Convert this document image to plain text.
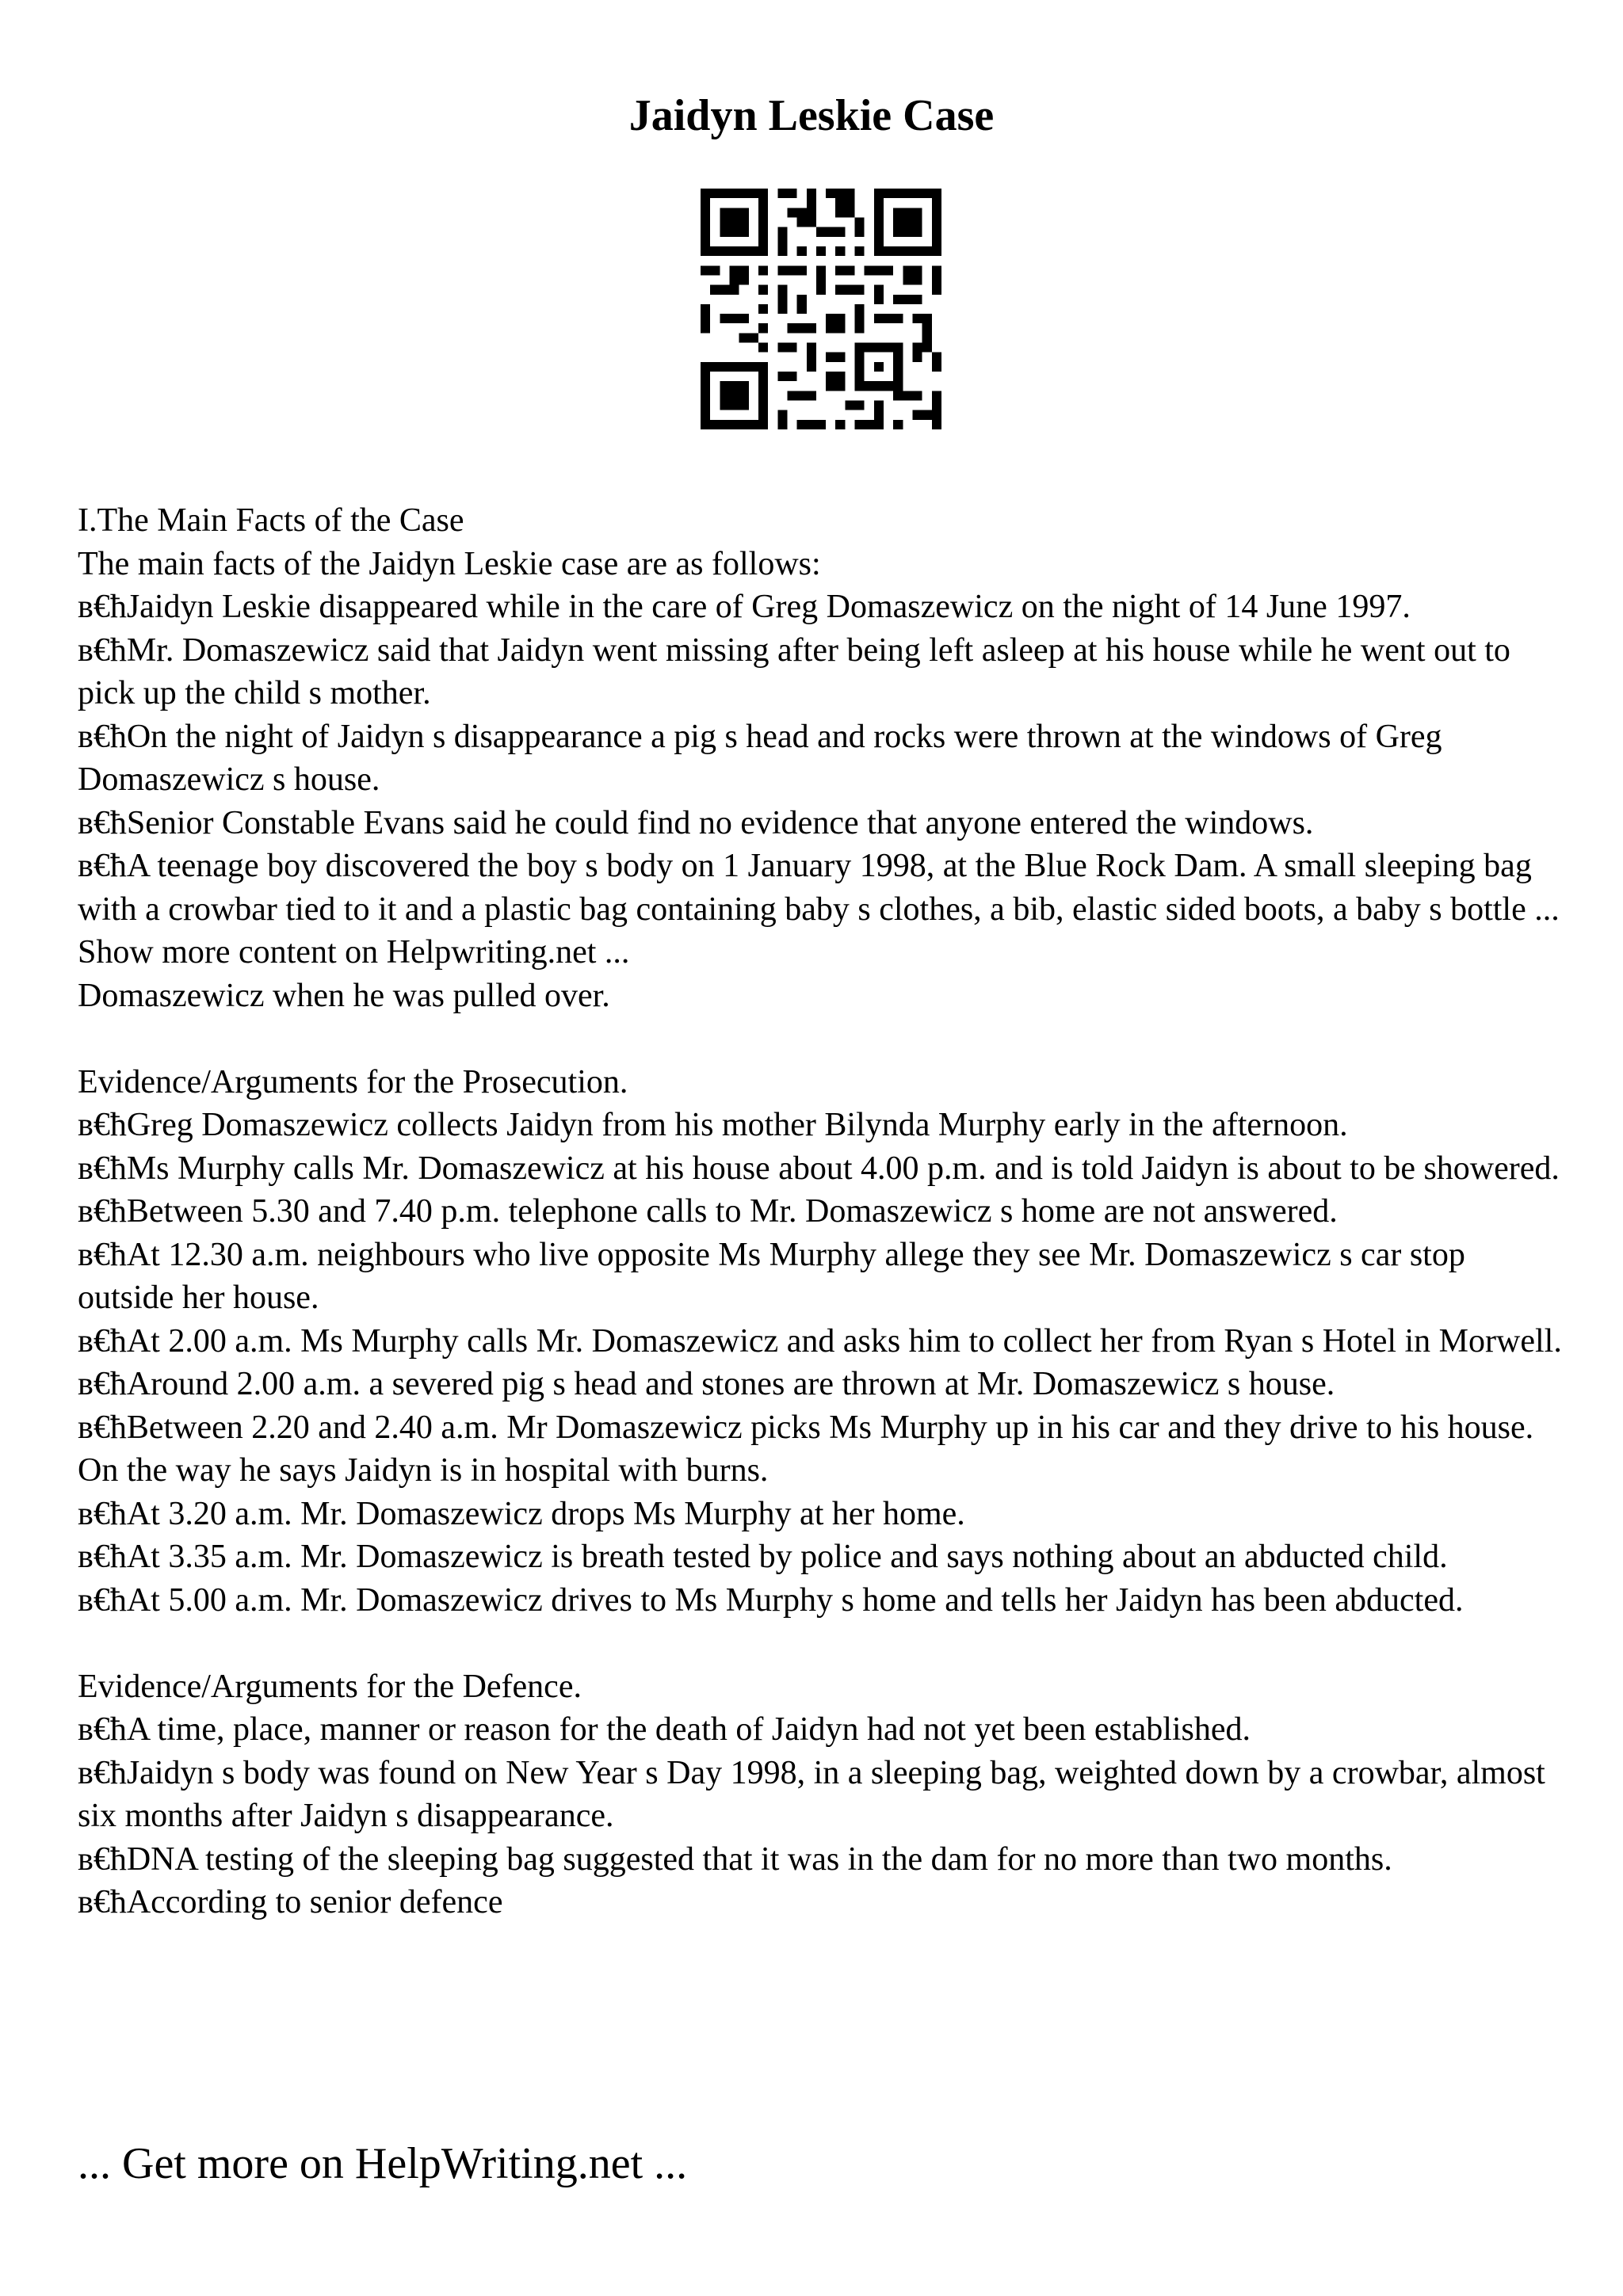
Jaidyn Leskie Case

I.The Main Facts of the Case

The main facts of the Jaidyn Leskie case are as follows:

в€ћJaidyn Leskie disappeared while in the care of Greg Domaszewicz on the night of 14 June 1997.

в€ћMr. Domaszewicz said that Jaidyn went missing after being left asleep at his house while he went out to pick up the child s mother.

в€ћOn the night of Jaidyn s disappearance a pig s head and rocks were thrown at the windows of Greg Domaszewicz s house.

в€ћSenior Constable Evans said he could find no evidence that anyone entered the windows.

в€ћA teenage boy discovered the boy s body on 1 January 1998, at the Blue Rock Dam. A small sleeping bag with a crowbar tied to it and a plastic bag containing baby s clothes, a bib, elastic sided boots, a baby s bottle ... Show more content on Helpwriting.net ...

Domaszewicz when he was pulled over.

Evidence/Arguments for the Prosecution.

в€ћGreg Domaszewicz collects Jaidyn from his mother Bilynda Murphy early in the afternoon.

в€ћMs Murphy calls Mr. Domaszewicz at his house about 4.00 p.m. and is told Jaidyn is about to be showered.

в€ћBetween 5.30 and 7.40 p.m. telephone calls to Mr. Domaszewicz s home are not answered.

в€ћAt 12.30 a.m. neighbours who live opposite Ms Murphy allege they see Mr. Domaszewicz s car stop outside her house.

в€ћAt 2.00 a.m. Ms Murphy calls Mr. Domaszewicz and asks him to collect her from Ryan s Hotel in Morwell.

в€ћAround 2.00 a.m. a severed pig s head and stones are thrown at Mr. Domaszewicz s house.

в€ћBetween 2.20 and 2.40 a.m. Mr Domaszewicz picks Ms Murphy up in his car and they drive to his house. On the way he says Jaidyn is in hospital with burns.

в€ћAt 3.20 a.m. Mr. Domaszewicz drops Ms Murphy at her home.

в€ћAt 3.35 a.m. Mr. Domaszewicz is breath tested by police and says nothing about an abducted child.

в€ћAt 5.00 a.m. Mr. Domaszewicz drives to Ms Murphy s home and tells her Jaidyn has been abducted.

Evidence/Arguments for the Defence.

в€ћA time, place, manner or reason for the death of Jaidyn had not yet been established.

в€ћJaidyn s body was found on New Year s Day 1998, in a sleeping bag, weighted down by a crowbar, almost six months after Jaidyn s disappearance.

в€ћDNA testing of the sleeping bag suggested that it was in the dam for no more than two months.

в€ћAccording to senior defence

... Get more on HelpWriting.net ...
